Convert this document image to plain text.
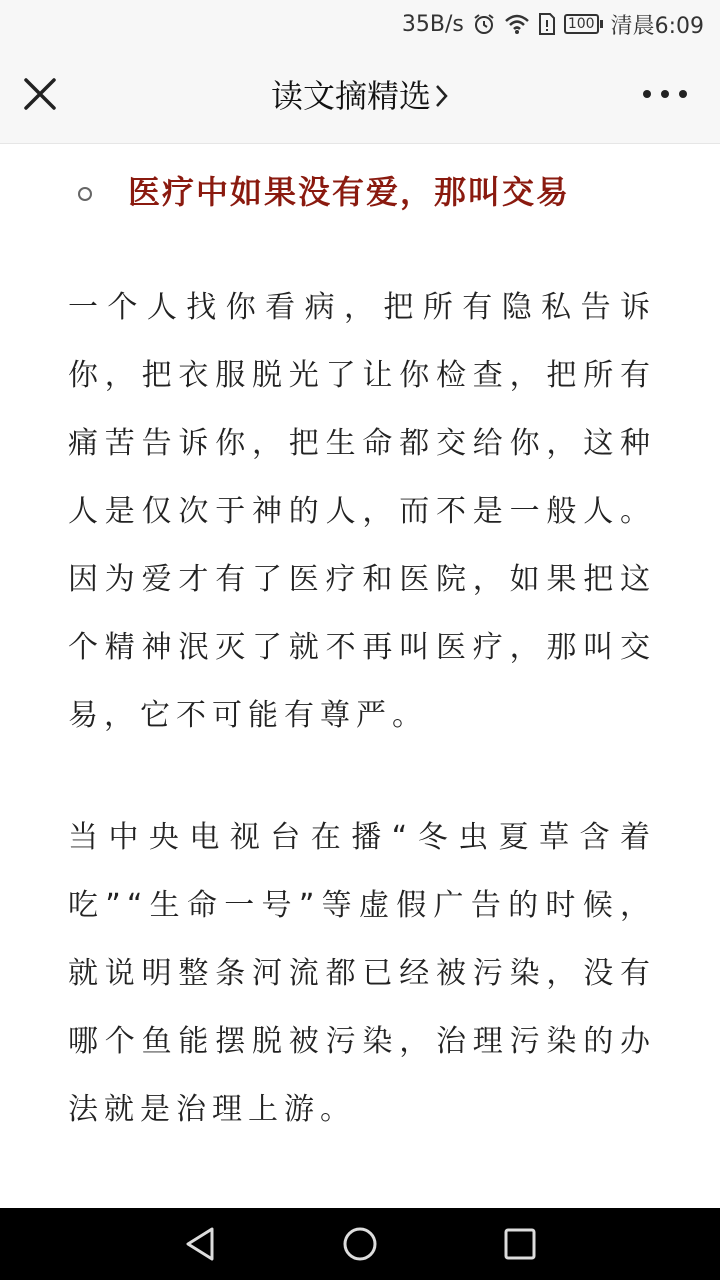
35B/s	100 清晨6:09
读文摘精选
医疗中如果没有爱，那叫交易

一个人找你看病，把所有隐私告诉你，把衣服脱光了让你检查，把所有痛苦告诉你，把生命都交给你，这种人是仅次于神的人，而不是一般人。因为爱才有了医疗和医院，如果把这个精神泯灭了就不再叫医疗，那叫交易，它不可能有尊严。

当中央电视台在播“冬虫夏草含着吃”“生命一号”等虚假广告的时候，就说明整条河流都已经被污染，没有哪个鱼能摆脱被污染，治理污染的办法就是治理上游。
